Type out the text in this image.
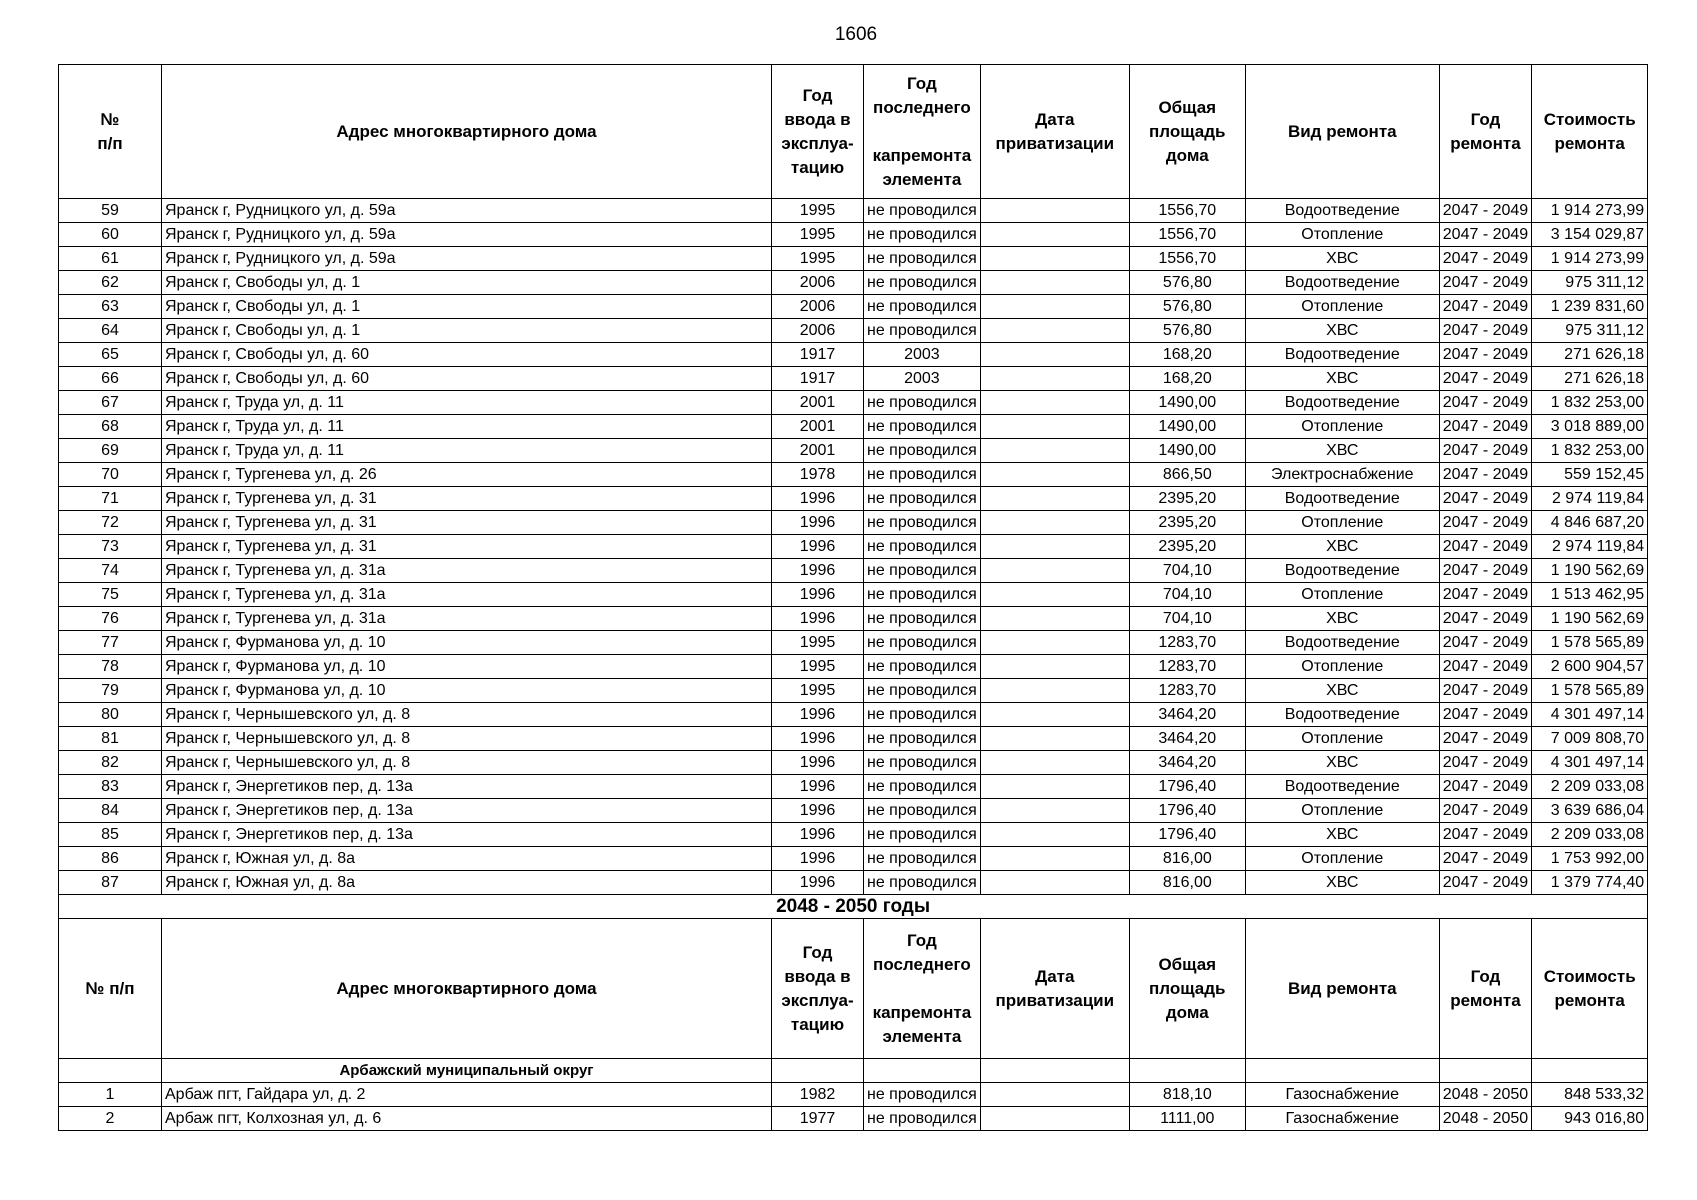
1606
№
п/п	Адрес многоквартирного дома	Год
ввода в
эксплуа-
тацию	Год
последнего

капремонта
элемента	Дата
приватизации	Общая
площадь
дома	Вид ремонта	Год
ремонта	Стоимость
ремонта
59	Яранск г, Рудницкого ул, д. 59а	1995	не проводился		1556,70	Водоотведение	2047 - 2049	1 914 273,99
60	Яранск г, Рудницкого ул, д. 59а	1995	не проводился		1556,70	Отопление	2047 - 2049	3 154 029,87
61	Яранск г, Рудницкого ул, д. 59а	1995	не проводился		1556,70	ХВС	2047 - 2049	1 914 273,99
62	Яранск г, Свободы ул, д. 1	2006	не проводился		576,80	Водоотведение	2047 - 2049	975 311,12
63	Яранск г, Свободы ул, д. 1	2006	не проводился		576,80	Отопление	2047 - 2049	1 239 831,60
64	Яранск г, Свободы ул, д. 1	2006	не проводился		576,80	ХВС	2047 - 2049	975 311,12
65	Яранск г, Свободы ул, д. 60	1917	2003		168,20	Водоотведение	2047 - 2049	271 626,18
66	Яранск г, Свободы ул, д. 60	1917	2003		168,20	ХВС	2047 - 2049	271 626,18
67	Яранск г, Труда ул, д. 11	2001	не проводился		1490,00	Водоотведение	2047 - 2049	1 832 253,00
68	Яранск г, Труда ул, д. 11	2001	не проводился		1490,00	Отопление	2047 - 2049	3 018 889,00
69	Яранск г, Труда ул, д. 11	2001	не проводился		1490,00	ХВС	2047 - 2049	1 832 253,00
70	Яранск г, Тургенева ул, д. 26	1978	не проводился		866,50	Электроснабжение	2047 - 2049	559 152,45
71	Яранск г, Тургенева ул, д. 31	1996	не проводился		2395,20	Водоотведение	2047 - 2049	2 974 119,84
72	Яранск г, Тургенева ул, д. 31	1996	не проводился		2395,20	Отопление	2047 - 2049	4 846 687,20
73	Яранск г, Тургенева ул, д. 31	1996	не проводился		2395,20	ХВС	2047 - 2049	2 974 119,84
74	Яранск г, Тургенева ул, д. 31а	1996	не проводился		704,10	Водоотведение	2047 - 2049	1 190 562,69
75	Яранск г, Тургенева ул, д. 31а	1996	не проводился		704,10	Отопление	2047 - 2049	1 513 462,95
76	Яранск г, Тургенева ул, д. 31а	1996	не проводился		704,10	ХВС	2047 - 2049	1 190 562,69
77	Яранск г, Фурманова ул, д. 10	1995	не проводился		1283,70	Водоотведение	2047 - 2049	1 578 565,89
78	Яранск г, Фурманова ул, д. 10	1995	не проводился		1283,70	Отопление	2047 - 2049	2 600 904,57
79	Яранск г, Фурманова ул, д. 10	1995	не проводился		1283,70	ХВС	2047 - 2049	1 578 565,89
80	Яранск г, Чернышевского ул, д. 8	1996	не проводился		3464,20	Водоотведение	2047 - 2049	4 301 497,14
81	Яранск г, Чернышевского ул, д. 8	1996	не проводился		3464,20	Отопление	2047 - 2049	7 009 808,70
82	Яранск г, Чернышевского ул, д. 8	1996	не проводился		3464,20	ХВС	2047 - 2049	4 301 497,14
83	Яранск г, Энергетиков пер, д. 13а	1996	не проводился		1796,40	Водоотведение	2047 - 2049	2 209 033,08
84	Яранск г, Энергетиков пер, д. 13а	1996	не проводился		1796,40	Отопление	2047 - 2049	3 639 686,04
85	Яранск г, Энергетиков пер, д. 13а	1996	не проводился		1796,40	ХВС	2047 - 2049	2 209 033,08
86	Яранск г, Южная ул, д. 8а	1996	не проводился		816,00	Отопление	2047 - 2049	1 753 992,00
87	Яранск г, Южная ул, д. 8а	1996	не проводился		816,00	ХВС	2047 - 2049	1 379 774,40
2048 - 2050 годы								
№ п/п	Адрес многоквартирного дома	Год
ввода в
эксплуа-
тацию	Год
последнего

капремонта
элемента	Дата
приватизации	Общая
площадь
дома	Вид ремонта	Год
ремонта	Стоимость
ремонта
	Арбажский муниципальный округ							
1	Арбаж пгт, Гайдара ул, д. 2	1982	не проводился		818,10	Газоснабжение	2048 - 2050	848 533,32
2	Арбаж пгт, Колхозная ул, д. 6	1977	не проводился		1111,00	Газоснабжение	2048 - 2050	943 016,80
